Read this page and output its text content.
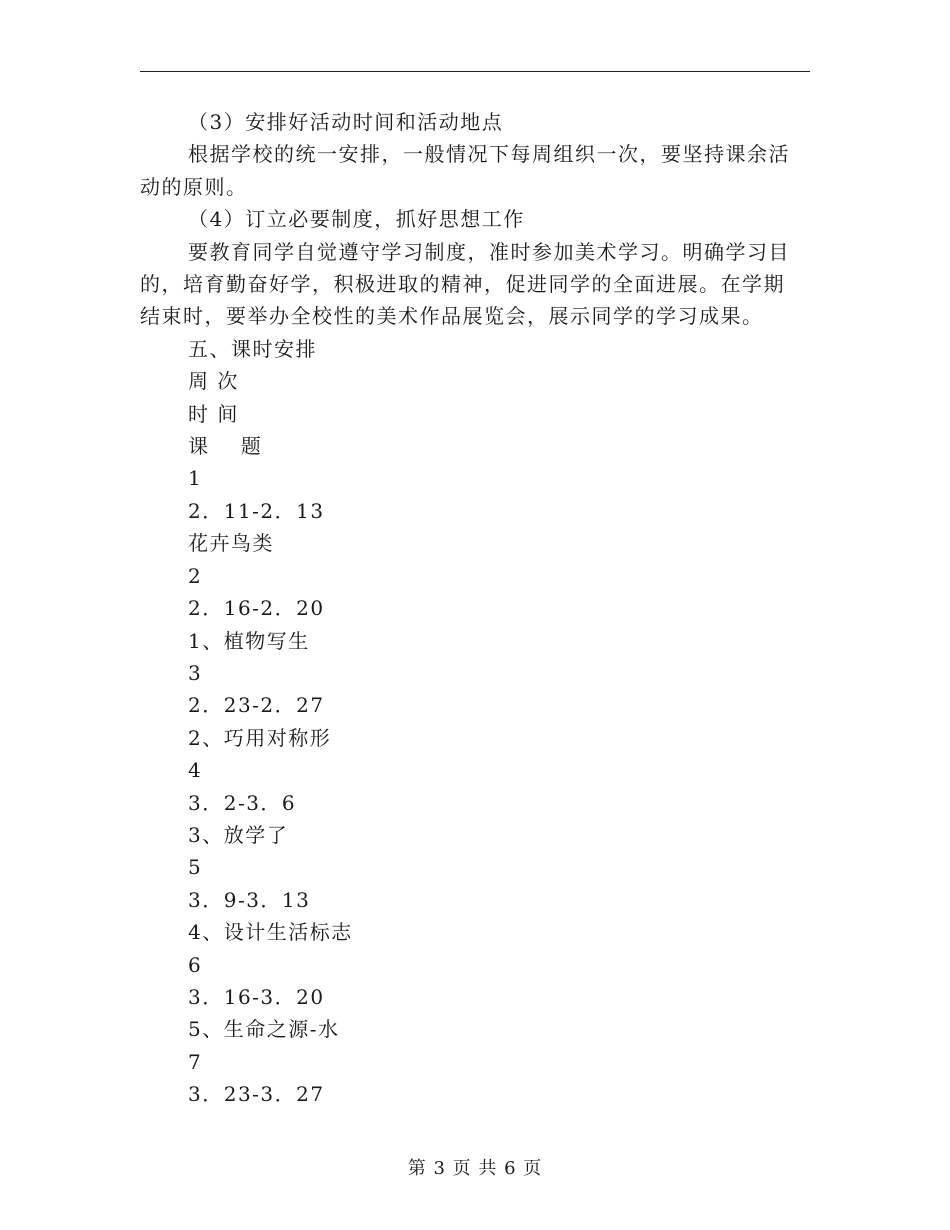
（3）安排好活动时间和活动地点

根据学校的统一安排，一般情况下每周组织一次，要坚持课余活动的原则。

（4）订立必要制度，抓好思想工作

要教育同学自觉遵守学习制度，准时参加美术学习。明确学习目的，培育勤奋好学，积极进取的精神，促进同学的全面进展。在学期结束时，要举办全校性的美术作品展览会，展示同学的学习成果。

五、课时安排

周 次

时 间

课    题

1

2．11-2．13

花卉鸟类

2

2．16-2．20

1、植物写生

3

2．23-2．27

2、巧用对称形

4

3．2-3．6

3、放学了

5

3．9-3．13

4、设计生活标志

6

3．16-3．20

5、生命之源-水

7

3．23-3．27

第 3 页 共 6 页
